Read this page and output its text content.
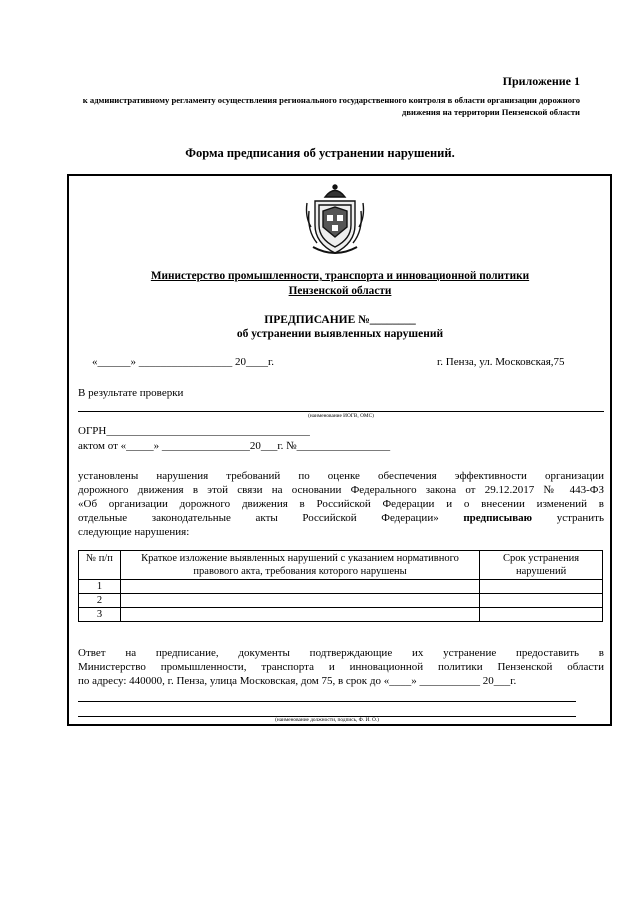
Приложение 1
к административному регламенту осуществления регионального государственного контроля в области организации дорожного движения на территории Пензенской области
Форма предписания об устранении нарушений.
Министерство промышленности, транспорта и инновационной политики
Пензенской области
ПРЕДПИСАНИЕ №________
об устранении выявленных нарушений
«______» _________________ 20____г.	г. Пенза, ул. Московская,75
В результате проверки
(наименование ИОГВ, ОМС)
ОГРН_____________________________________
актом от «_____» ________________20___г. №_________________
установлены нарушения требований по оценке обеспечения эффективности организации
дорожного движения в этой связи на основании Федерального закона от 29.12.2017 № 443-ФЗ
«Об организации дорожного движения в Российской Федерации и о внесении изменений в
отдельные законодательные акты Российской Федерации» предписываю устранить
следующие нарушения:
№ п/п	Краткое изложение выявленных нарушений с указанием нормативного правового акта, требования которого нарушены	Срок устранения нарушений
1		
2		
3		
Ответ на предписание, документы подтверждающие их устранение предоставить в
Министерство промышленности, транспорта и инновационной политики Пензенской области
по адресу: 440000, г. Пенза, улица Московская, дом 75, в срок до «____» ___________ 20___г.
(наименование должности, подпись, Ф. И. О.)
